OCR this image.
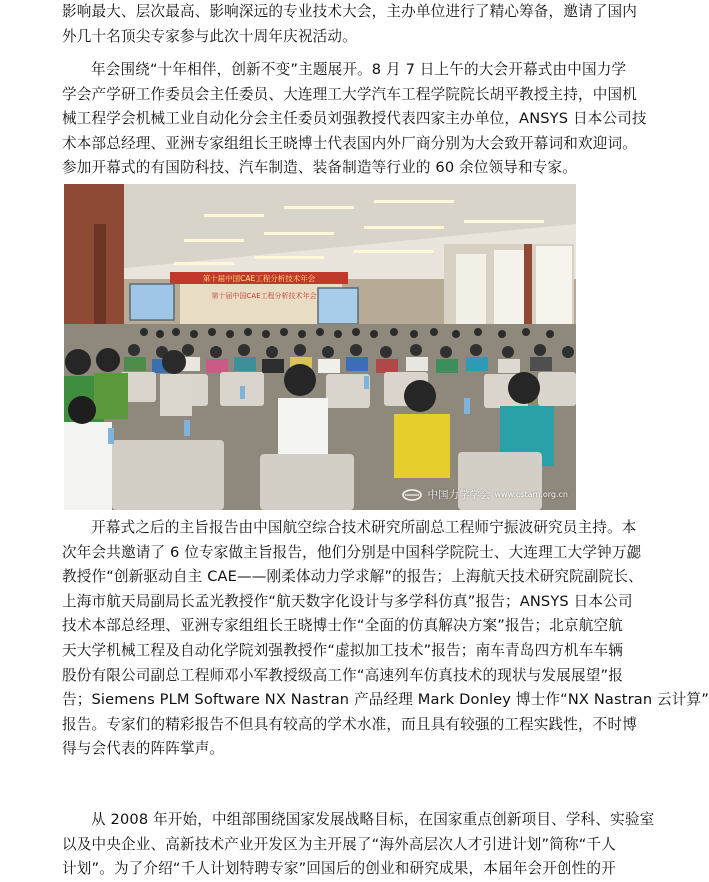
影响最大、层次最高、影响深远的专业技术大会，主办单位进行了精心筹备，邀请了国内
外几十名顶尖专家参与此次十周年庆祝活动。

年会围绕“十年相伴，创新不变”主题展开。8 月 7 日上午的大会开幕式由中国力学
学会产学研工作委员会主任委员、大连理工大学汽车工程学院院长胡平教授主持，中国机
械工程学会机械工业自动化分会主任委员刘强教授代表四家主办单位，ANSYS 日本公司技
术本部总经理、亚洲专家组组长王晓博士代表国内外厂商分别为大会致开幕词和欢迎词。
参加开幕式的有国防科技、汽车制造、装备制造等行业的 60 余位领导和专家。

第十届中国CAE工程分析技术年会
第十届中国CAE工程分析技术年会
中国力学学会 www.cstam.org.cn

开幕式之后的主旨报告由中国航空综合技术研究所副总工程师宁振波研究员主持。本
次年会共邀请了 6 位专家做主旨报告，他们分别是中国科学院院士、大连理工大学钟万勰
教授作“创新驱动自主 CAE——刚柔体动力学求解”的报告；上海航天技术研究院副院长、
上海市航天局副局长孟光教授作“航天数字化设计与多学科仿真”报告；ANSYS 日本公司
技术本部总经理、亚洲专家组组长王晓博士作“全面的仿真解决方案”报告；北京航空航
天大学机械工程及自动化学院刘强教授作“虚拟加工技术”报告；南车青岛四方机车车辆
股份有限公司副总工程师邓小军教授级高工作“高速列车仿真技术的现状与发展展望”报
告；Siemens PLM Software NX Nastran 产品经理 Mark Donley 博士作“NX Nastran 云计算”
报告。专家们的精彩报告不但具有较高的学术水准，而且具有较强的工程实践性，不时博
得与会代表的阵阵掌声。

从 2008 年开始，中组部围绕国家发展战略目标，在国家重点创新项目、学科、实验室
以及中央企业、高新技术产业开发区为主开展了“海外高层次人才引进计划”简称“千人
计划”。为了介绍“千人计划特聘专家”回国后的创业和研究成果，本届年会开创性的开
